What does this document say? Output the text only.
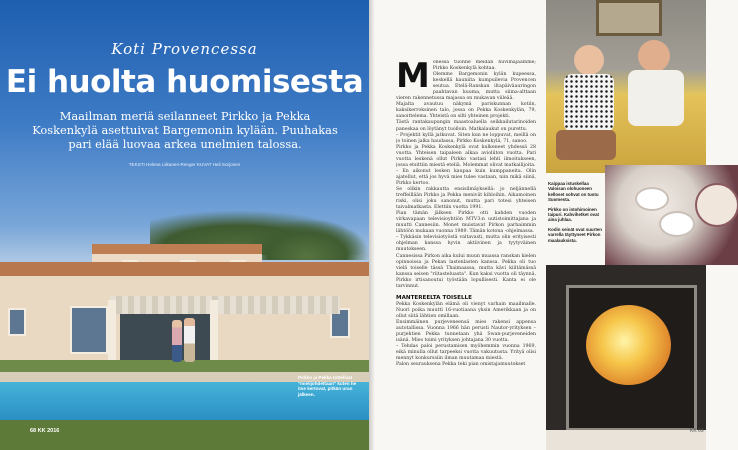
Koti Provencessa
Ei huolta huomisesta
Maailman meriä seilanneet Pirkko ja Pekka Koskenkylä asettuivat Bargemonin kylään. Puuhakas pari elää luovaa arkea unelmien talossa.
TEKSTI Helena Liikanen-Renger KUVAT Heli Sorjonen
Pirkko ja Pekka tottelivat "mielijohdettaan" kuten he itse kertovat, pitkän uran jälkeen.
68 KK 2016
M onessa tuonne meidän huvimajaamme; Pirkko Koskenkylä kohtaa.

Olemme Bargemonin kylän kupeessa, keskellä kauniita kumpuilevia Provencen seutua. Etelä-Ranskan iltapäiväauringon paahtavan kuuma, mutta siima-alttaan vieren rakennetussa majassa on mukavan viileää.

Majalta avautuu näkymä pariskunnan kotiin, kaksikerroksinen talo, jossa on Pekka Koskenkylän, 79, sanoittelema. Yhteistä on silti yhteinen projekti.

Tästä rantakaupungin maastoaluella seikkailutarinoiden paneskaa on löytänyt tuolloin. Matkalaukut on purettu.

– Projektit kyllä jatkuvat. Siten kun ne loppuvat, meillä on jo toinen jalka haudassa, Pirkko Koskenkylä, 71, sanoo.

Pirkko ja Pekka Koskenkylä ovat kulkeneet yhdessä 28 vuotta. Yhteisen taipaleen alkaa avioliiton vuotta. Pari vuotta leskenä ollut Pirkko vastasi lehti ilmoitukseen, jossa etsittiin miestä eteliä. Molemmat olivat matkailijoita.

– En aikonut lesken kaupaa kuin kumppaneita. Olin ajatellut, että jos hyvä mies tulee vastaan, niin mikä siinä, Pirkko kertoo.

Se olikin rakkautta ensisilmäyksellä: jo neljännellä treffeillään Pirkko ja Pekka menivät kihloihin. Aikamoinen riski, olisi joku sanonut, mutta pari totesi yhteisen taivalmatkasta. Elettiin vuotta 1991.

Pian tämän jälkeen Pirkko otti kahden vuoden virkavapaan televisioyhtiön MTV3:n uutistoimittajana ja muutti Cannesiin. Monet muistavat Pirkon parhaimmin lähtöön mukaan vuonna 1989. Tämän kotona -ohjelmassa.

– Tykkäsin televisiotyöstä valtavasti, mutta olin erityisesti ohjelman kanssa hyvin aktiivinen ja tyytyväinen muutokseen.

Cannesissa Pirkon aika kului muun muassa ranskan kielen opinnoissa ja Pekan lastenlasten kanssa. Pekka oli tuo vielä toiselle tässä Thaimaassa, mutta kävi kiiltämässä kanssa seisen "riitasteluasta". Kun kaksi vuotta oli täynnä, Pirkko irtisanoutui työstään lopullisesti. Kanta ei ole tarvinnut.

MANTEREELTA TOISELLE

Pekka Koskenkylän elämä oli vienyt varhain maailmalle. Nuori poika muutti 16-vuotiaana yksin Amerikkaan ja on ollut siitä lähtien omillaan.

Ensimmäinen purjeveneensä mies rakensi appensa autotallissa. Vuonna 1966 hän perusti Nautor-yrityksen – purjehtien Pekka tunnetaan yhä Swan-purjeveneiden isänä. Mies toimi yrityksen johtajana 30 vuotta.

– Tehdas paloi perustamisen myöhemmin vuonna 1969, eikä minulla ollut tarpeeksi vuotta vakuutusta. Yrityä olisi mennyt konkurssiin ilman muutamaa miestä.

Palon seurauksena Pekka teki pian omistajamuutokset

Kaippaa istuskellaa Valoisan olohuoneen kelloset sohvat on tuotu Suomesta.

Pirkko on intohimoinen taipuri. Kahvihetket ovat aina juhlaa.

Kodin seinät ovat suurten varrella täyttyneet Pirkon maalauksista.

KK 69
